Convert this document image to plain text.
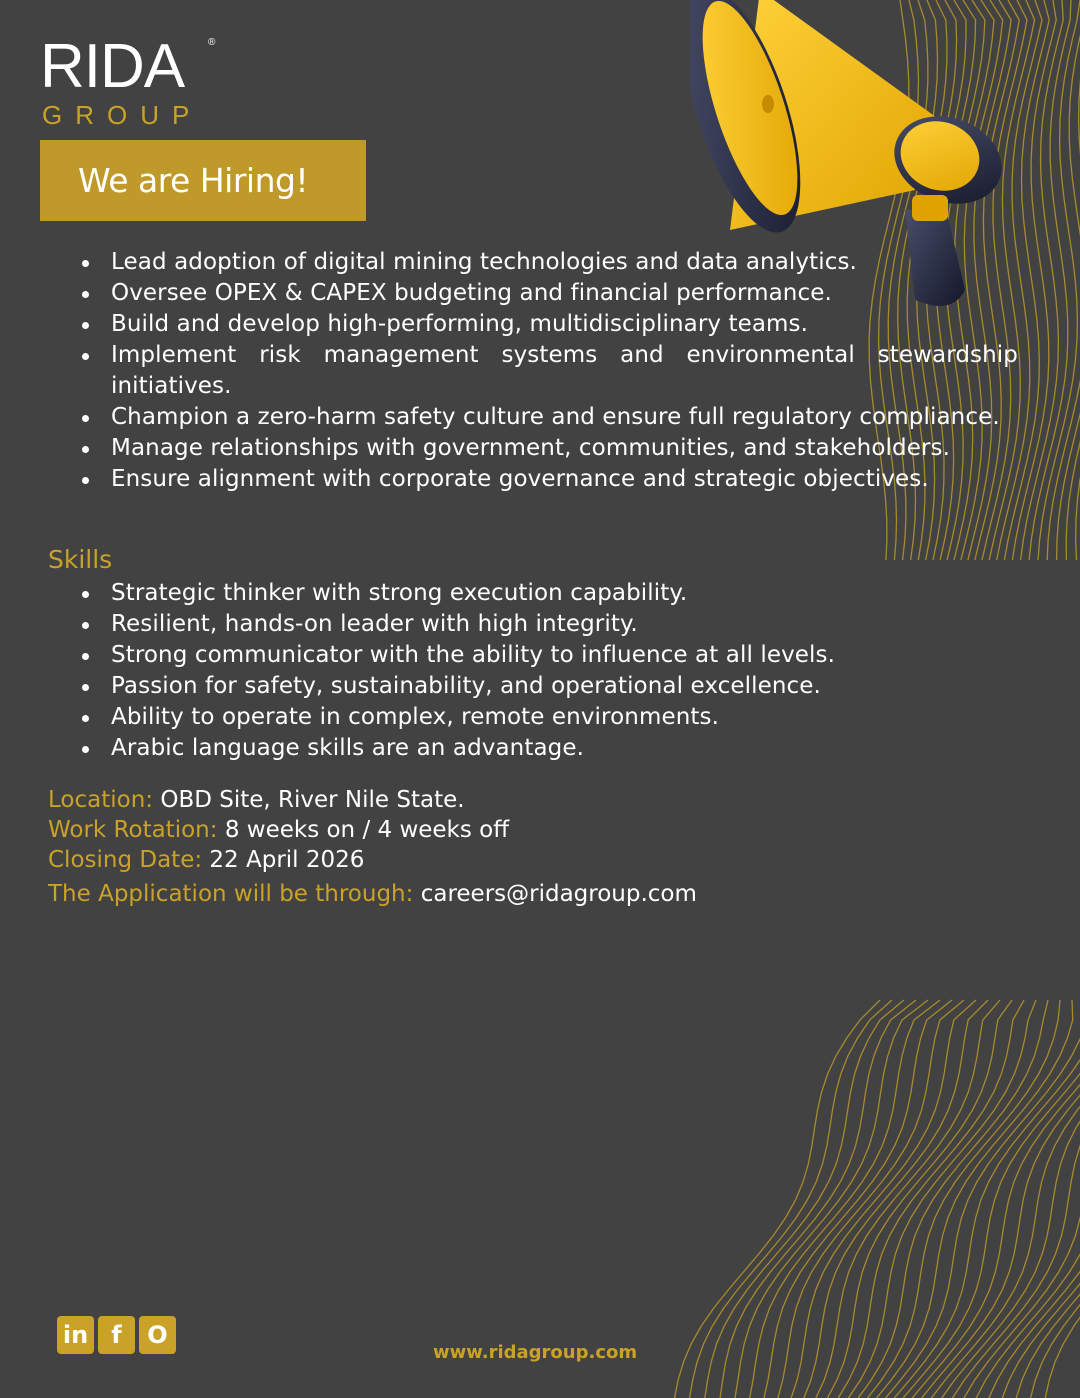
RIDA ®
GROUP
We are Hiring!
Lead adoption of digital mining technologies and data analytics.
Oversee OPEX & CAPEX budgeting and financial performance.
Build and develop high-performing, multidisciplinary teams.
Implement risk management systems and environmental stewardship initiatives.
Champion a zero-harm safety culture and ensure full regulatory compliance.
Manage relationships with government, communities, and stakeholders.
Ensure alignment with corporate governance and strategic objectives.
Skills
Strategic thinker with strong execution capability.
Resilient, hands-on leader with high integrity.
Strong communicator with the ability to influence at all levels.
Passion for safety, sustainability, and operational excellence.
Ability to operate in complex, remote environments.
Arabic language skills are an advantage.
Location: OBD Site, River Nile State.
Work Rotation: 8 weeks on / 4 weeks off
Closing Date: 22 April 2026
The Application will be through: careers@ridagroup.com
in f	O
www.ridagroup.com
